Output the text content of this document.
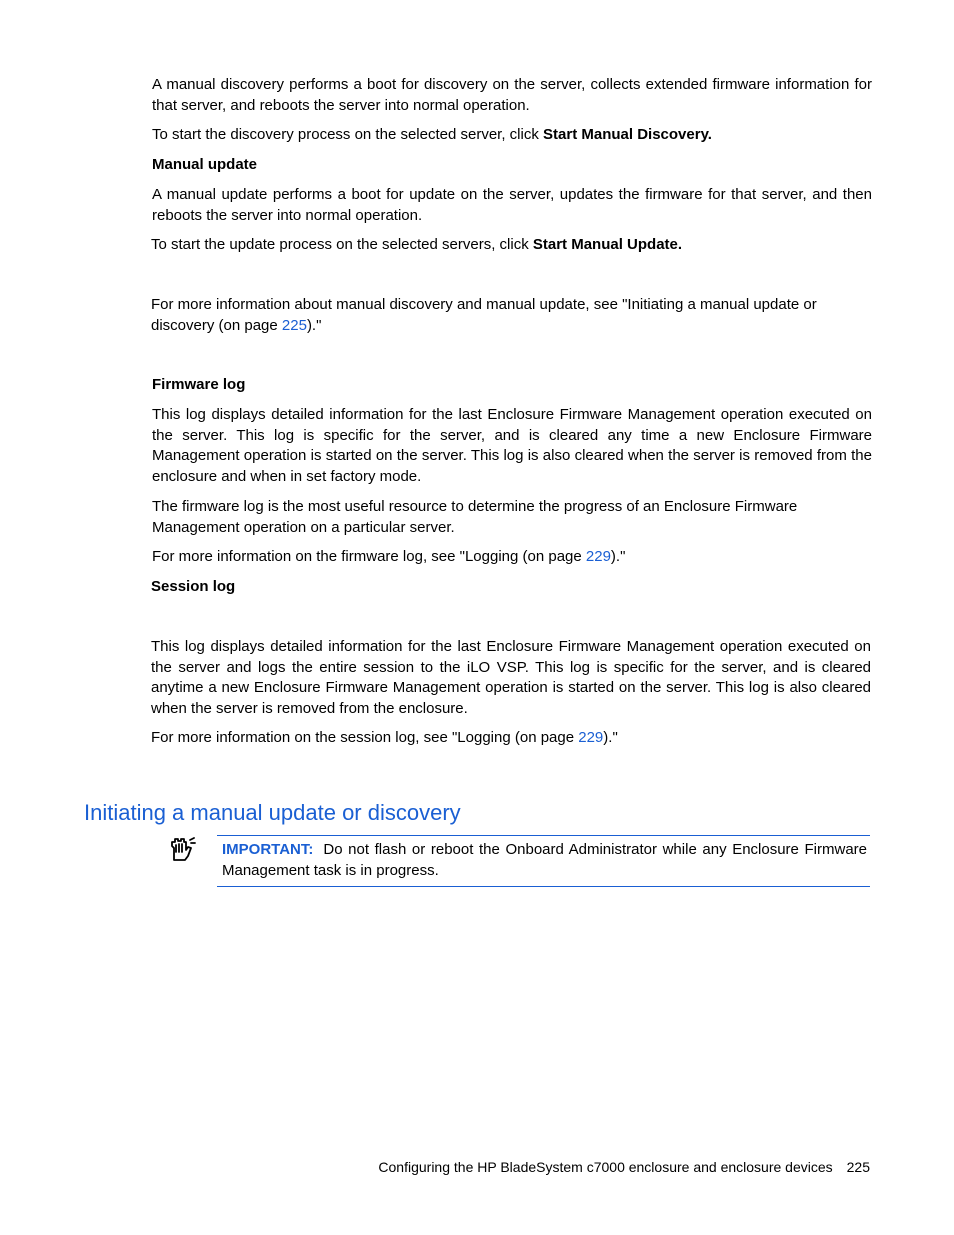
A manual discovery performs a boot for discovery on the server, collects extended firmware information for that server, and reboots the server into normal operation.

To start the discovery process on the selected server, click Start Manual Discovery.

Manual update

A manual update performs a boot for update on the server, updates the firmware for that server, and then reboots the server into normal operation.

To start the update process on the selected servers, click Start Manual Update.

For more information about manual discovery and manual update, see "Initiating a manual update or discovery (on page 225)."

Firmware log

This log displays detailed information for the last Enclosure Firmware Management operation executed on the server. This log is specific for the server, and is cleared any time a new Enclosure Firmware Management operation is started on the server. This log is also cleared when the server is removed from the enclosure and when in set factory mode.

The firmware log is the most useful resource to determine the progress of an Enclosure Firmware Management operation on a particular server.

For more information on the firmware log, see "Logging (on page 229)."

Session log

This log displays detailed information for the last Enclosure Firmware Management operation executed on the server and logs the entire session to the iLO VSP. This log is specific for the server, and is cleared anytime a new Enclosure Firmware Management operation is started on the server. This log is also cleared when the server is removed from the enclosure.

For more information on the session log, see "Logging (on page 229)."

Initiating a manual update or discovery
IMPORTANT: Do not flash or reboot the Onboard Administrator while any Enclosure Firmware Management task is in progress.
Configuring the HP BladeSystem c7000 enclosure and enclosure devices 225
